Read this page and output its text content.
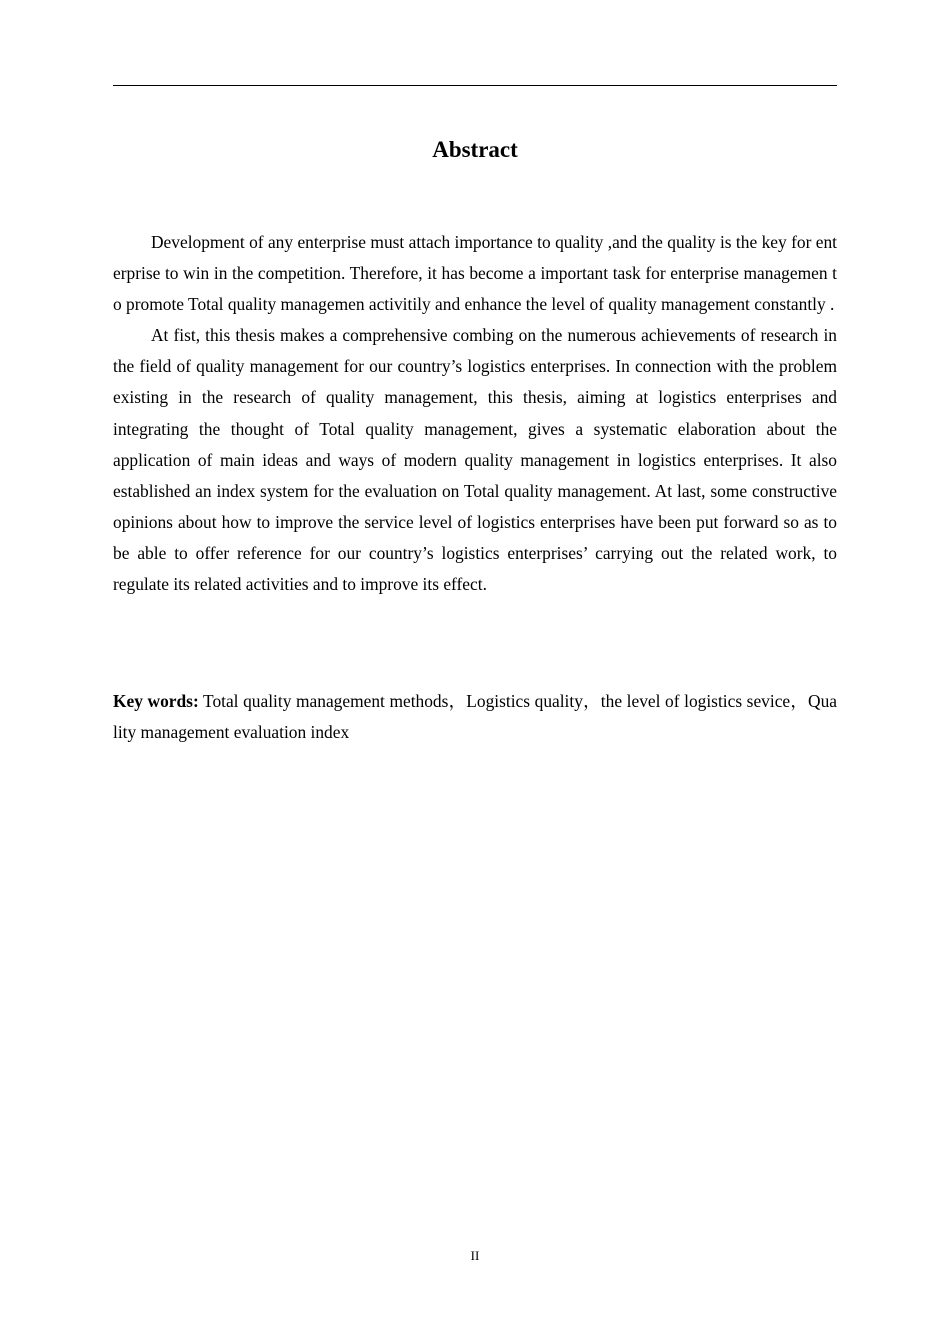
Abstract

Development of any enterprise must attach importance to quality ,and the quality is the key for enterprise to win in the competition. Therefore, it has become a important task for enterprise managemen to promote Total quality managemen activitily and enhance the level of quality management constantly .

At fist, this thesis makes a comprehensive combing on the numerous achievements of research in the field of quality management for our country’s logistics enterprises. In connection with the problem existing in the research of quality management, this thesis, aiming at logistics enterprises and integrating the thought of Total quality management, gives a systematic elaboration about the application of main ideas and ways of modern quality management in logistics enterprises. It also established an index system for the evaluation on Total quality management. At last, some constructive opinions about how to improve the service level of logistics enterprises have been put forward so as to be able to offer reference for our country’s logistics enterprises’ carrying out the related work, to regulate its related activities and to improve its effect.

Key words: Total quality management methods，Logistics quality，the level of logistics sevice，Quality management evaluation index

II
